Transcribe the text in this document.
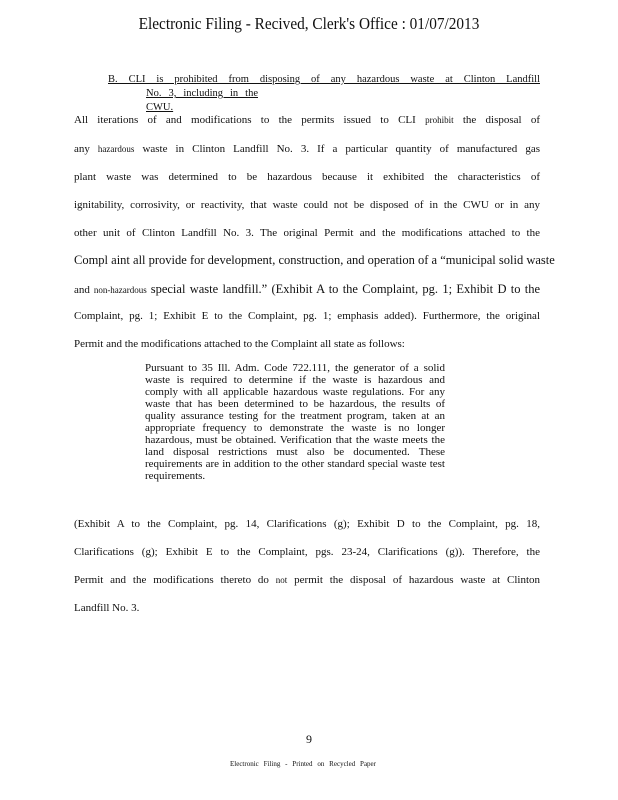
Electronic Filing - Recived, Clerk's Office : 01/07/2013
B. CLI is prohibited from disposing of any hazardous waste at Clinton Landfill
No. 3, including in the CWU.
All iterations of and modifications to the permits issued to CLI prohibit the disposal of
any hazardous waste in Clinton Landfill No. 3. If a particular quantity of manufactured gas
plant waste was determined to be hazardous because it exhibited the characteristics of
ignitability, corrosivity, or reactivity, that waste could not be disposed of in the CWU or in any
other unit of Clinton Landfill No. 3. The original Permit and the modifications attached to the
Compl aint all provide for development, construction, and operation of a “municipal solid waste
and non-hazardous special waste landfill.” (Exhibit A to the Complaint, pg. 1; Exhibit D to the
Complaint, pg. 1; Exhibit E to the Complaint, pg. 1; emphasis added). Furthermore, the original
Permit and the modifications attached to the Complaint all state as follows:
Pursuant to 35 Ill. Adm. Code 722.111, the generator of a solid
waste is required to determine if the waste is hazardous and
comply with all applicable hazardous waste regulations. For any
waste that has been determined to be hazardous, the results of
quality assurance testing for the treatment program, taken at an
appropriate frequency to demonstrate the waste is no longer
hazardous, must be obtained. Verification that the waste meets the
land disposal restrictions must also be documented. These
requirements are in addition to the other standard special waste test
requirements.
(Exhibit A to the Complaint, pg. 14, Clarifications (g); Exhibit D to the Complaint, pg. 18,
Clarifications (g); Exhibit E to the Complaint, pgs. 23-24, Clarifications (g)). Therefore, the
Permit and the modifications thereto do not permit the disposal of hazardous waste at Clinton
Landfill No. 3.
9
Electronic Filing - Printed on Recycled Paper
